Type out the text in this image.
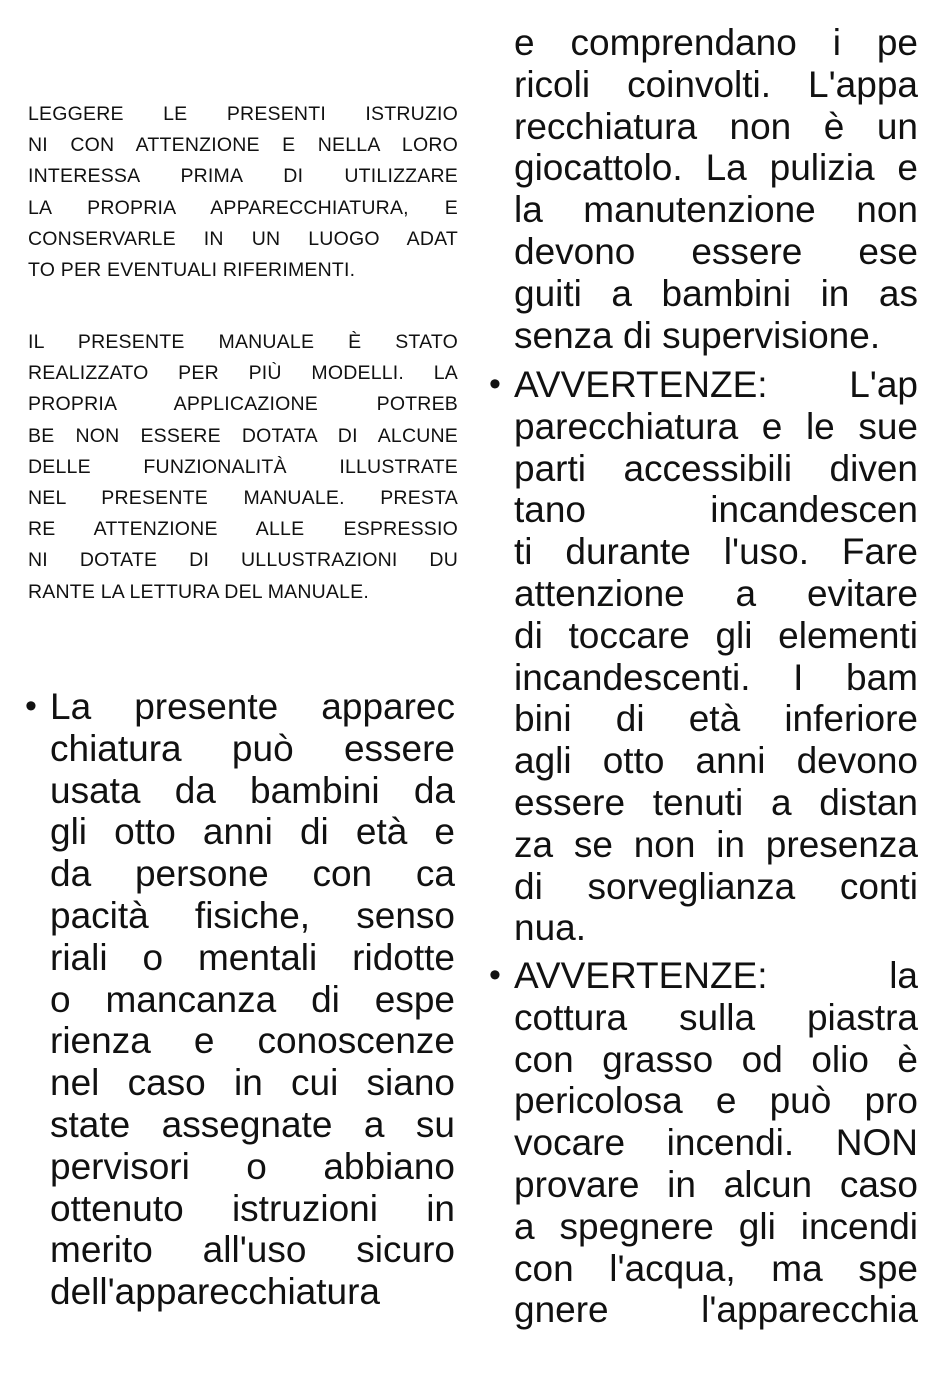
LEGGERE LE PRESENTI ISTRUZIO
NI CON ATTENZIONE E NELLA LORO
INTERESSA PRIMA DI UTILIZZARE
LA PROPRIA APPARECCHIATURA, E
CONSERVARLE IN UN LUOGO ADAT
TO PER EVENTUALI RIFERIMENTI.
IL PRESENTE MANUALE È STATO
REALIZZATO PER PIÙ MODELLI. LA
PROPRIA APPLICAZIONE POTREB
BE NON ESSERE DOTATA DI ALCUNE
DELLE FUNZIONALITÀ ILLUSTRATE
NEL PRESENTE MANUALE. PRESTA
RE ATTENZIONE ALLE ESPRESSIO
NI DOTATE DI ULLUSTRAZIONI DU
RANTE LA LETTURA DEL MANUALE.
• La presente apparec
chiatura può essere
usata da bambini da
gli otto anni di età e
da persone con ca
pacità fisiche, senso
riali o mentali ridotte
o mancanza di espe
rienza e conoscenze
nel caso in cui siano
state assegnate a su
pervisori o abbiano
ottenuto istruzioni in
merito all'uso sicuro
dell'apparecchiatura
e comprendano i pe
ricoli coinvolti. L'appa
recchiatura non è un
giocattolo. La pulizia e
la manutenzione non
devono essere ese
guiti a bambini in as
senza di supervisione.
• AVVERTENZE: L'ap
parecchiatura e le sue
parti accessibili diven
tano incandescen
ti durante l'uso. Fare
attenzione a evitare
di toccare gli elementi
incandescenti. I bam
bini di età inferiore
agli otto anni devono
essere tenuti a distan
za se non in presenza
di sorveglianza conti
nua.
• AVVERTENZE: la
cottura sulla piastra
con grasso od olio è
pericolosa e può pro
vocare incendi. NON
provare in alcun caso
a spegnere gli incendi
con l'acqua, ma spe
gnere l'apparecchia
